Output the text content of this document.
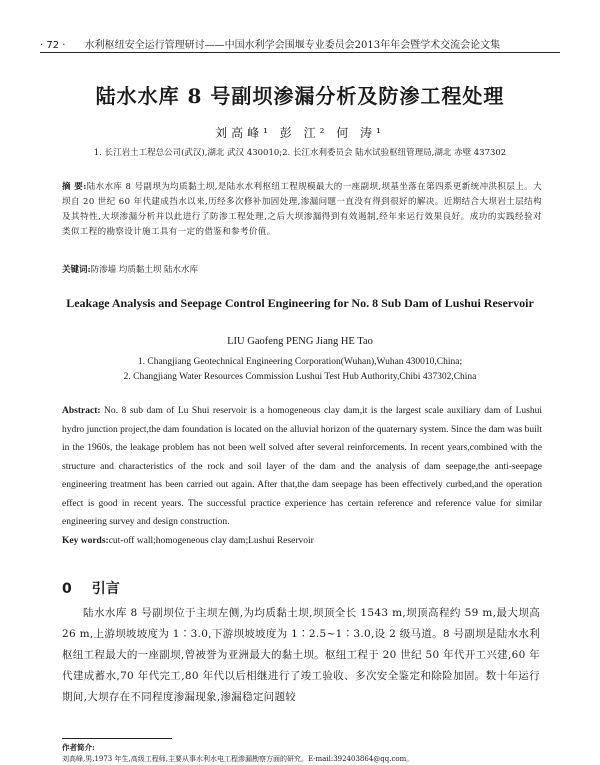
· 72 · 水利枢纽安全运行管理研讨——中国水利学会围堰专业委员会2013年年会暨学术交流会论文集
陆水水库 8 号副坝渗漏分析及防渗工程处理
刘高峰¹ 彭 江² 何 涛¹
1. 长江岩土工程总公司(武汉),湖北 武汉 430010;2. 长江水利委员会 陆水试验枢纽管理局,湖北 赤壁 437302
摘 要:陆水水库 8 号副坝为均质黏土坝,是陆水水利枢纽工程规模最大的一座副坝,坝基坐落在第四系更新统冲洪积层上。大坝自 20 世纪 60 年代建成挡水以来,历经多次修补加固处理,渗漏问题一直没有得到很好的解决。近期结合大坝岩土层结构及其特性,大坝渗漏分析并以此进行了防渗工程处理,之后大坝渗漏得到有效遏制,经年来运行效果良好。成功的实践经验对类似工程的勘察设计施工具有一定的借鉴和参考价值。
关键词:防渗墙 均质黏土坝 陆水水库
Leakage Analysis and Seepage Control Engineering for No. 8 Sub Dam of Lushui Reservoir
LIU Gaofeng PENG Jiang HE Tao
1. Changjiang Geotechnical Engineering Corporation(Wuhan),Wuhan 430010,China;
2. Changjiang Water Resources Commission Lushui Test Hub Authority,Chibi 437302,China
Abstract: No. 8 sub dam of Lu Shui reservoir is a homogeneous clay dam,it is the largest scale auxiliary dam of Lushui hydro junction project,the dam foundation is located on the alluvial horizon of the quaternary system. Since the dam was built in the 1960s, the leakage problem has not been well solved after several reinforcements. In recent years,combined with the structure and characteristics of the rock and soil layer of the dam and the analysis of dam seepage,the anti-seepage engineering treatment has been carried out again. After that,the dam seepage has been effectively curbed,and the operation effect is good in recent years. The successful practice experience has certain reference and reference value for similar engineering survey and design construction.
Key words:cut-off wall;homogeneous clay dam;Lushui Reservoir
0 引言
陆水水库 8 号副坝位于主坝左侧,为均质黏土坝,坝顶全长 1543 m,坝顶高程约 59 m,最大坝高 26 m,上游坝坡坡度为 1∶3.0,下游坝坡坡度为 1∶2.5~1∶3.0,设 2 级马道。8 号副坝是陆水水利枢纽工程最大的一座副坝,曾被誉为亚洲最大的黏土坝。枢纽工程于 20 世纪 50 年代开工兴建,60 年代建成蓄水,70 年代完工,80 年代以后相继进行了竣工验收、多次安全鉴定和除险加固。数十年运行期间,大坝存在不同程度渗漏现象,渗漏稳定问题较
作者简介:
刘高峰,男,1973 年生,高级工程师,主要从事水利水电工程渗漏勘察方面的研究。E-mail:392403864@qq.com。
